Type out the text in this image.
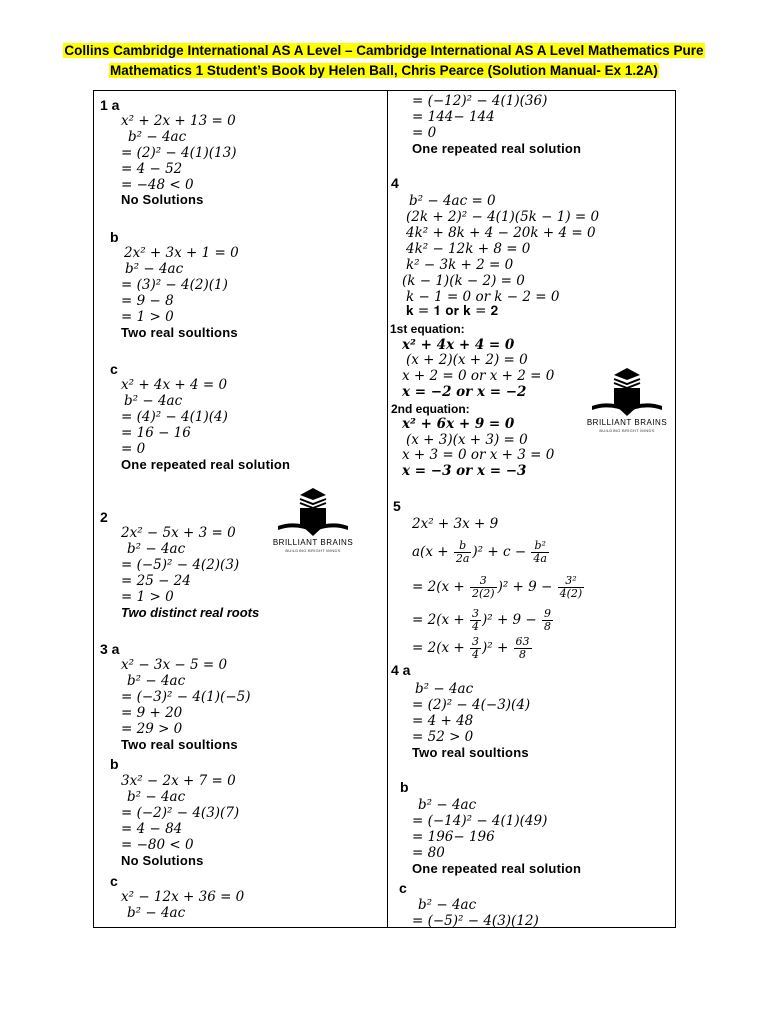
Collins Cambridge International AS A Level – Cambridge International AS A Level Mathematics Pure
Mathematics 1 Student’s Book by Helen Ball, Chris Pearce (Solution Manual- Ex 1.2A)
1 a
x² + 2x + 13 = 0
b² − 4ac
= (2)² − 4(1)(13)
= 4 − 52
= −48 < 0
No Solutions
b
2x² + 3x + 1 = 0
b² − 4ac
= (3)² − 4(2)(1)
= 9 − 8
= 1 > 0
Two real soultions
c
x² + 4x + 4 = 0
b² − 4ac
= (4)² − 4(1)(4)
= 16 − 16
= 0
One repeated real solution
2
2x² − 5x + 3 = 0
b² − 4ac
= (−5)² − 4(2)(3)
= 25 − 24
= 1 > 0
Two distinct real roots
3 a
x² − 3x − 5 = 0
b² − 4ac
= (−3)² − 4(1)(−5)
= 9 + 20
= 29 > 0
Two real soultions
b
3x² − 2x + 7 = 0
b² − 4ac
= (−2)² − 4(3)(7)
= 4 − 84
= −80 < 0
No Solutions
c
x² − 12x + 36 = 0
b² − 4ac
= (−12)² − 4(1)(36)
= 144− 144
= 0
One repeated real solution
4
b² − 4ac = 0
(2k + 2)² − 4(1)(5k − 1) = 0
4k² + 8k + 4 − 20k + 4 = 0
4k² − 12k + 8 = 0
k² − 3k + 2 = 0
(k − 1)(k − 2) = 0
k − 1 = 0 or k − 2 = 0
𝐤 = 𝟏 𝐨𝐫 𝐤 = 𝟐
1st equation:
x² + 4x + 4 = 0
(x + 2)(x + 2) = 0
x + 2 = 0 or x + 2 = 0
x = −2 or x = −2
2nd equation:
x² + 6x + 9 = 0
(x + 3)(x + 3) = 0
x + 3 = 0 or x + 3 = 0
x = −3 or x = −3
5
2x² + 3x + 9
4 a
b² − 4ac
= (2)² − 4(−3)(4)
= 4 + 48
= 52 > 0
Two real soultions
b
b² − 4ac
= (−14)² − 4(1)(49)
= 196− 196
= 80
One repeated real solution
c
b² − 4ac
= (−5)² − 4(3)(12)
$a(x + \frac{b}{2a} )^2 + c - \frac{\text{b²}}{4a}$
= $2(x + \frac{3}{2(2)} )^2 + 9 - \frac{\text{3²}}{4(2)}$
= $2(x + \frac{3}{4} )^2 + 9 - \frac{9}{8}$
= $2(x + \frac{3}{4} )^2 + \frac{63}{8}$
BRILLIANT BRAINS
BUILDING BRIGHT MINDS
BRILLIANT BRAINS
BUILDING BRIGHT MINDS
